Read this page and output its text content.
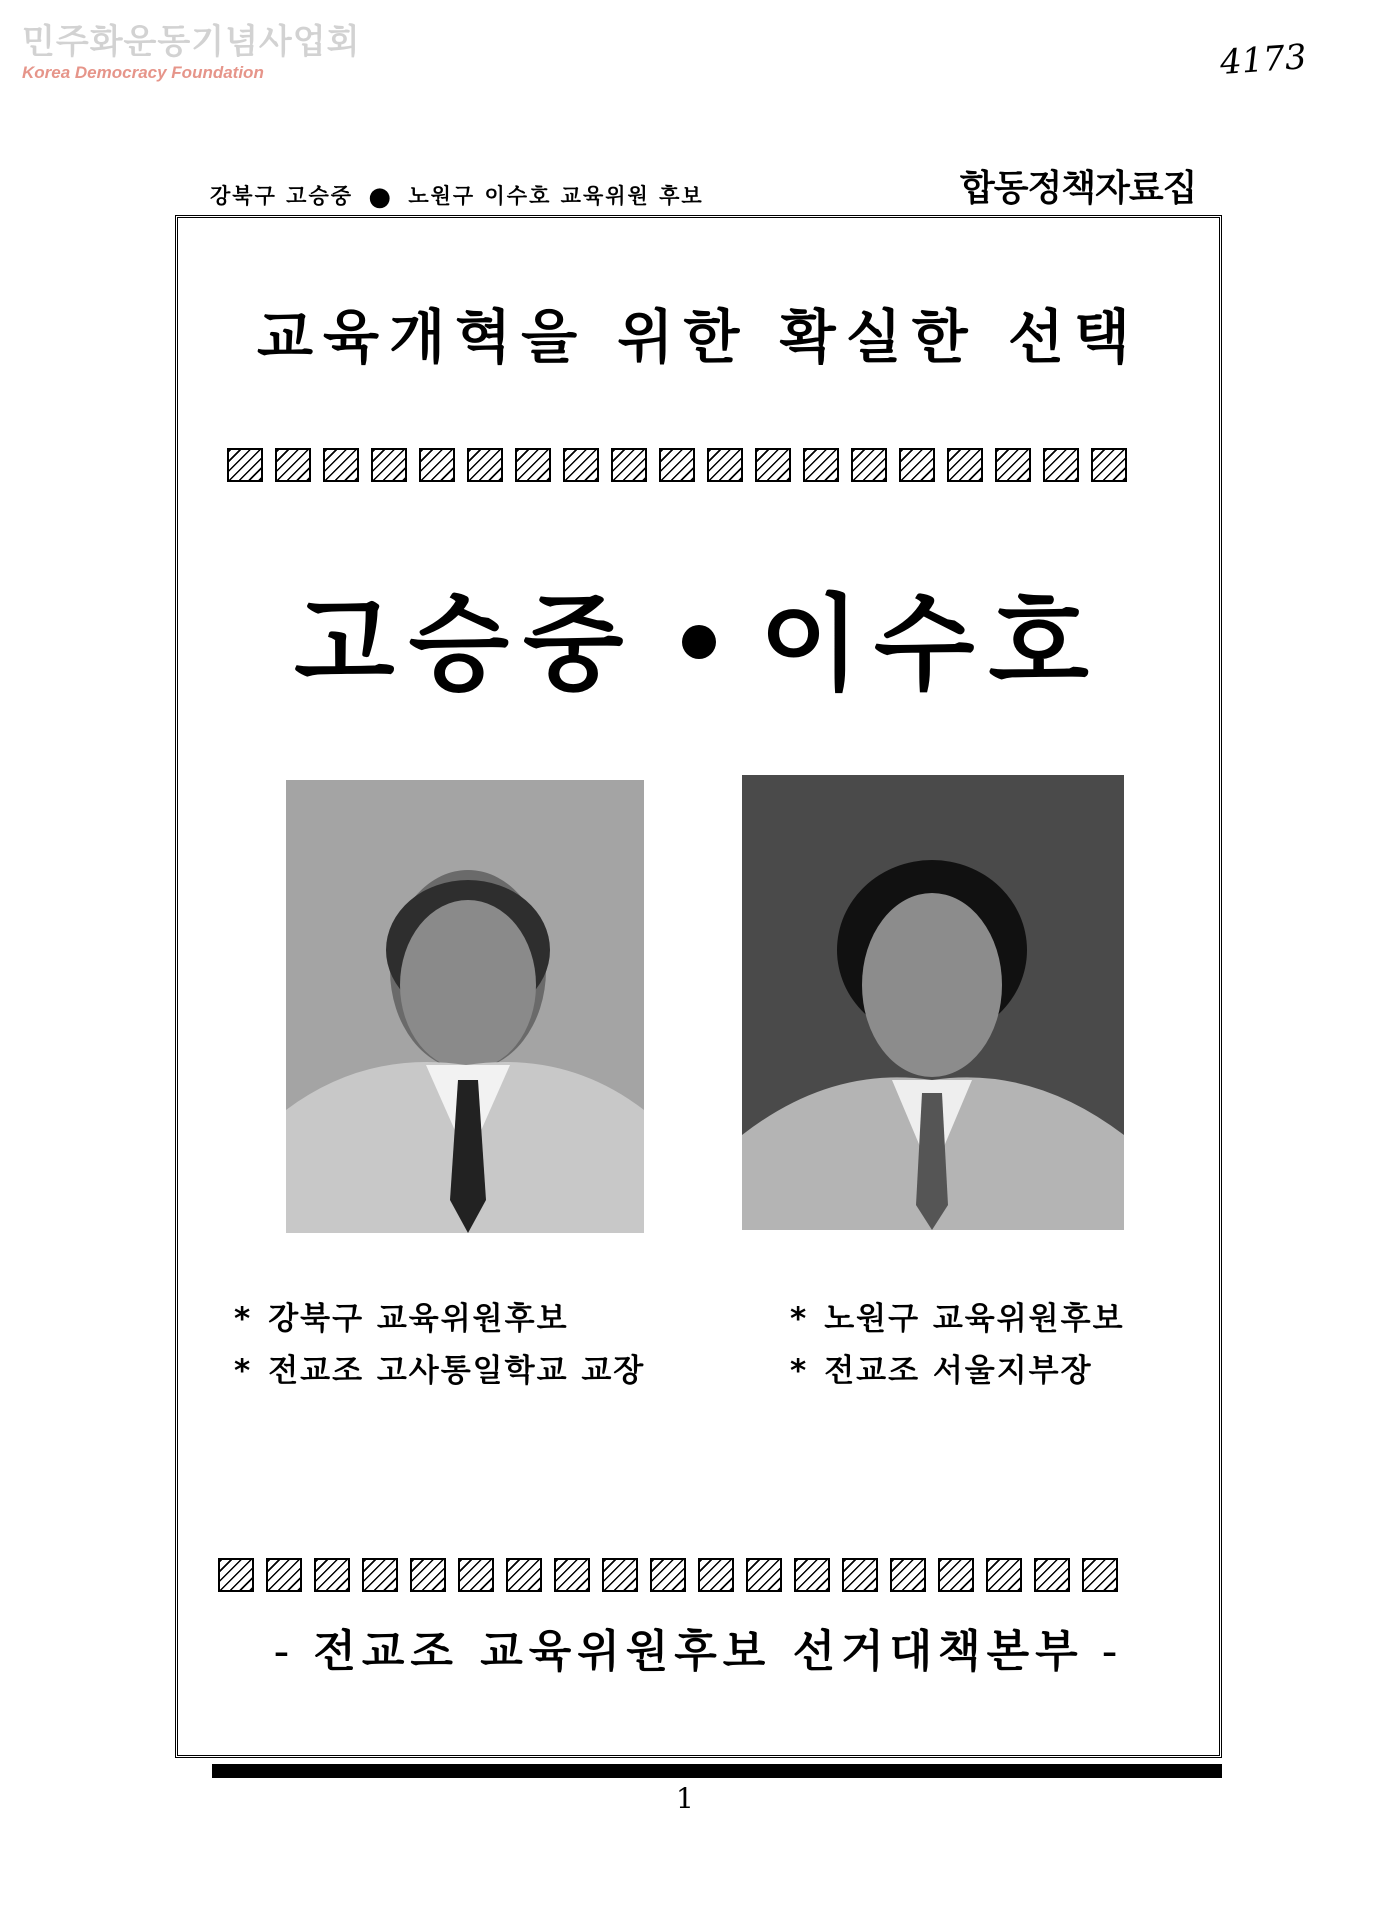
민주화운동기념사업회
Korea Democracy Foundation	4173
강북구 고승중 ● 노원구 이수호 교육위원 후보	합동정책자료집
교육개혁을 위한 확실한 선택
고승중 이수호
* 강북구 교육위원후보
* 전교조 고사통일학교 교장
* 노원구 교육위원후보
* 전교조 서울지부장
- 전교조 교육위원후보 선거대책본부 -
1
